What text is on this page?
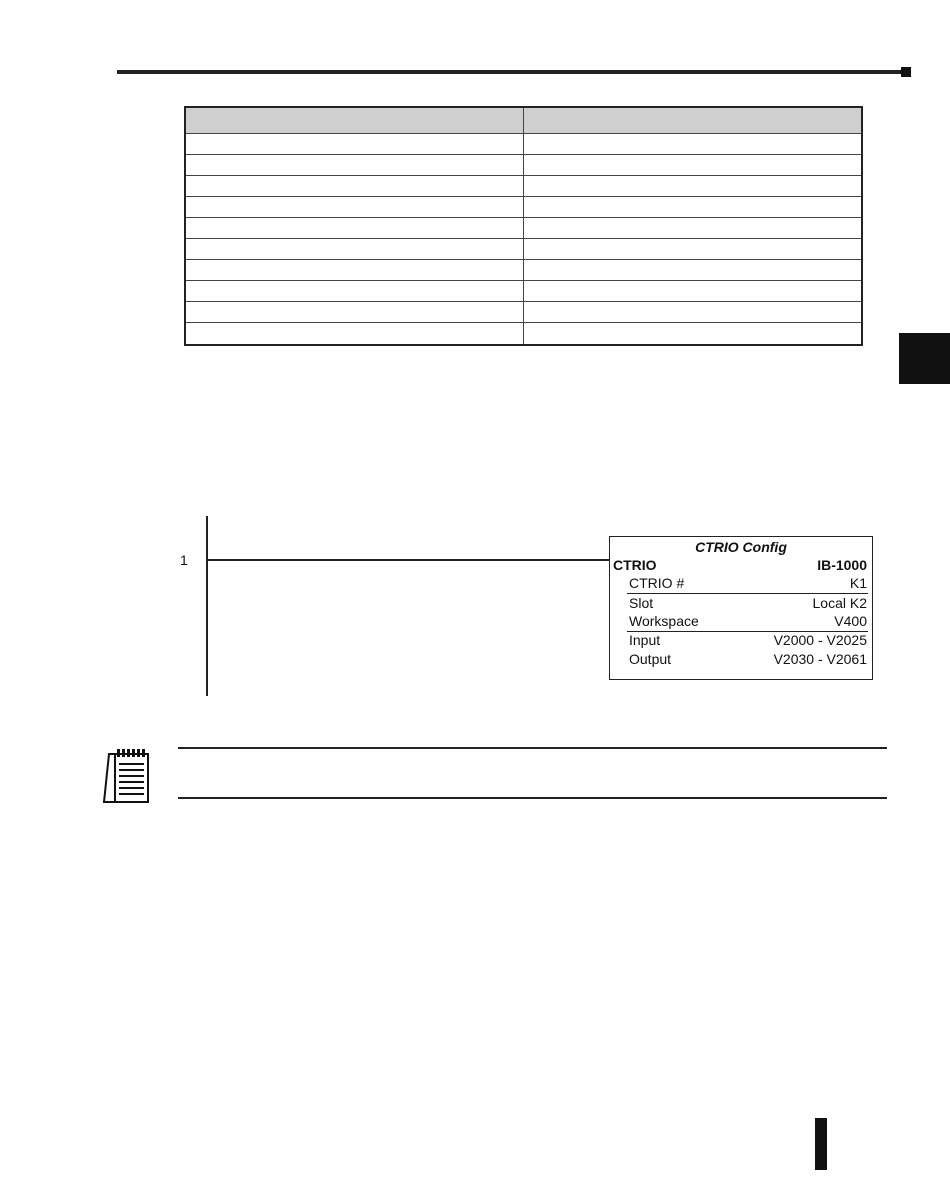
1
CTRIO Config
CTRIO	IB-1000
CTRIO #	K1
Slot	Local K2
Workspace	V400
Input	V2000 - V2025
Output	V2030 - V2061
